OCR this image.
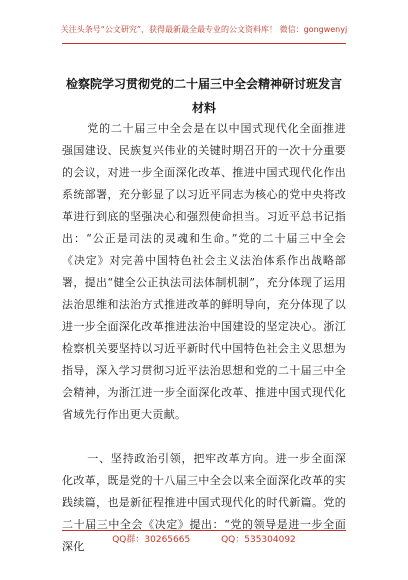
关注头条号“公文研究”，获得最新最全最专业的公文资料库！ 微信：gongwenyj
检察院学习贯彻党的二十届三中全会精神研讨班发言材料

党的二十届三中全会是在以中国式现代化全面推进强国建设、民族复兴伟业的关键时期召开的一次十分重要的会议，对进一步全面深化改革、推进中国式现代化作出系统部署，充分彰显了以习近平同志为核心的党中央将改革进行到底的坚强决心和强烈使命担当。习近平总书记指出：“公正是司法的灵魂和生命。”党的二十届三中全会《决定》对完善中国特色社会主义法治体系作出战略部署，提出“健全公正执法司法体制机制”，充分体现了运用法治思维和法治方式推进改革的鲜明导向，充分体现了以进一步全面深化改革推进法治中国建设的坚定决心。浙江检察机关要坚持以习近平新时代中国特色社会主义思想为指导，深入学习贯彻习近平法治思想和党的二十届三中全会精神，为浙江进一步全面深化改革、推进中国式现代化省域先行作出更大贡献。

一、坚持政治引领，把牢改革方向。进一步全面深化改革，既是党的十八届三中全会以来全面深化改革的实践续篇，也是新征程推进中国式现代化的时代新篇。党的二十届三中全会《决定》提出：“党的领导是进一步全面深化	QQ群：30265665	QQ：535304092
